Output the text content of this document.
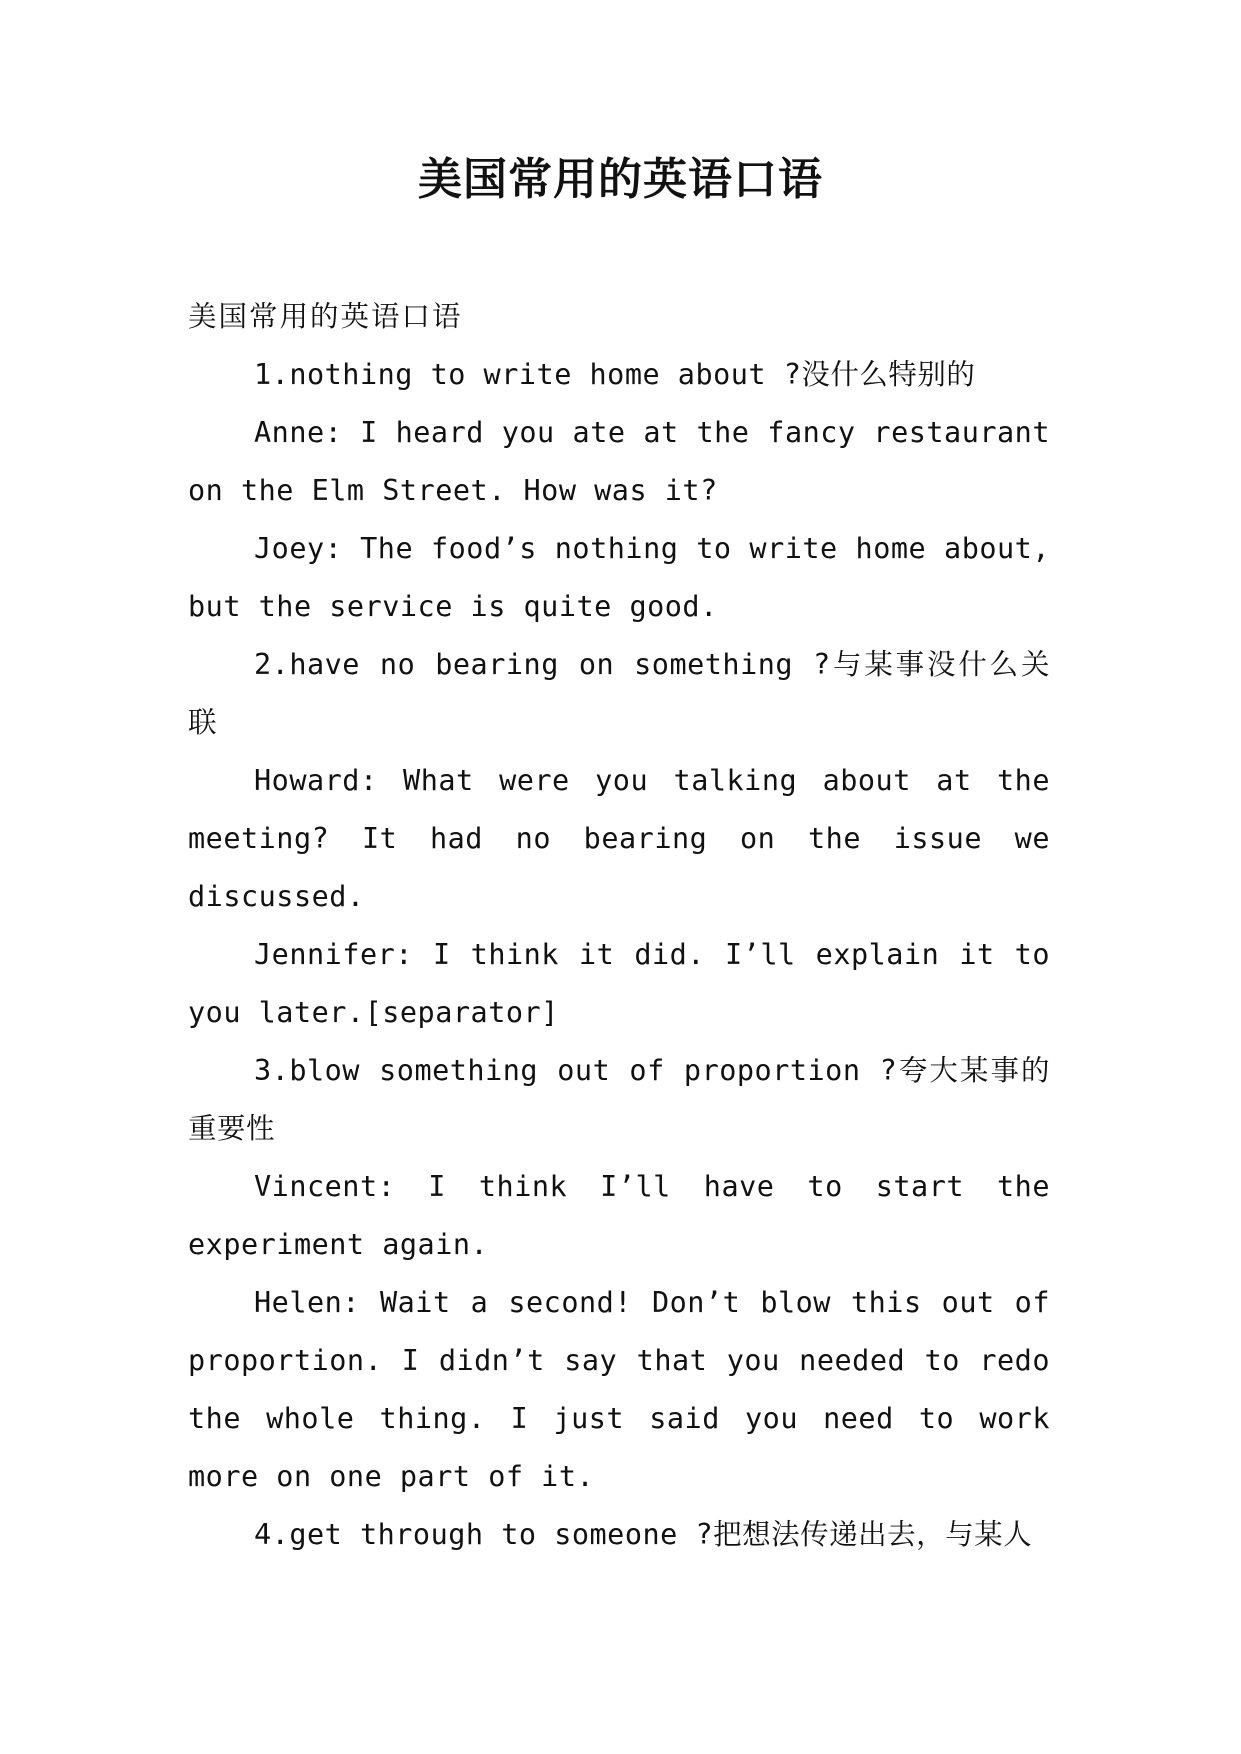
美国常用的英语口语

美国常用的英语口语

1.nothing to write home about ?没什么特别的

Anne: I heard you ate at the fancy restaurant on the Elm Street. How was it?

Joey: The food’s nothing to write home about, but the service is quite good.

2.have no bearing on something ?与某事没什么关联

Howard: What were you talking about at the meeting? It had no bearing on the issue we discussed.

Jennifer: I think it did. I’ll explain it to you later.[separator]

3.blow something out of proportion ?夸大某事的重要性

Vincent: I think I’ll have to start the experiment again.

Helen: Wait a second! Don’t blow this out of proportion. I didn’t say that you needed to redo the whole thing. I just said you need to work more on one part of it.

4.get through to someone ?把想法传递出去，与某人
